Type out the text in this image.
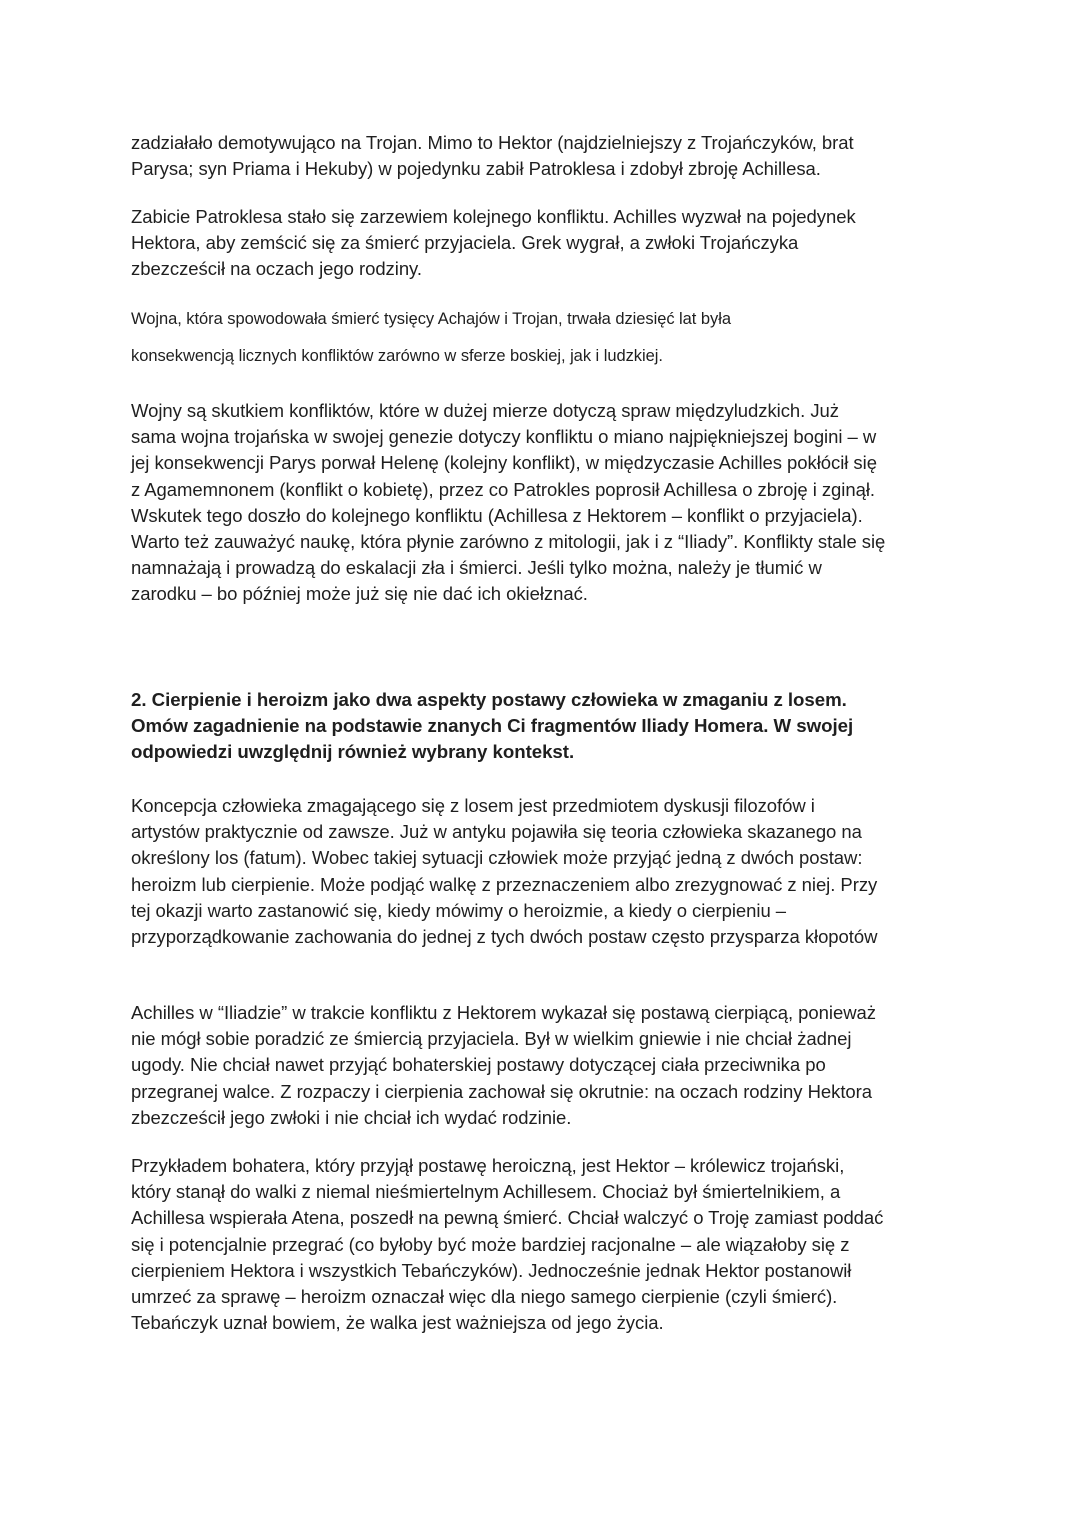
zadziałało demotywująco na Trojan. Mimo to Hektor (najdzielniejszy z Trojańczyków, brat
Parysa; syn Priama i Hekuby) w pojedynku zabił Patroklesa i zdobył zbroję Achillesa.

Zabicie Patroklesa stało się zarzewiem kolejnego konfliktu. Achilles wyzwał na pojedynek
Hektora, aby zemścić się za śmierć przyjaciela. Grek wygrał, a zwłoki Trojańczyka
zbezcześcił na oczach jego rodziny.

Wojna, która spowodowała śmierć tysięcy Achajów i Trojan, trwała dziesięć lat była
konsekwencją licznych konfliktów zarówno w sferze boskiej, jak i ludzkiej.

Wojny są skutkiem konfliktów, które w dużej mierze dotyczą spraw międzyludzkich. Już
sama wojna trojańska w swojej genezie dotyczy konfliktu o miano najpiękniejszej bogini – w
jej konsekwencji Parys porwał Helenę (kolejny konflikt), w międzyczasie Achilles pokłócił się
z Agamemnonem (konflikt o kobietę), przez co Patrokles poprosił Achillesa o zbroję i zginął.
Wskutek tego doszło do kolejnego konfliktu (Achillesa z Hektorem – konflikt o przyjaciela).
Warto też zauważyć naukę, która płynie zarówno z mitologii, jak i z “Iliady”. Konflikty stale się
namnażają i prowadzą do eskalacji zła i śmierci. Jeśli tylko można, należy je tłumić w
zarodku – bo później może już się nie dać ich okiełznać.

2. Cierpienie i heroizm jako dwa aspekty postawy człowieka w zmaganiu z losem.
Omów zagadnienie na podstawie znanych Ci fragmentów Iliady Homera. W swojej
odpowiedzi uwzględnij również wybrany kontekst.

Koncepcja człowieka zmagającego się z losem jest przedmiotem dyskusji filozofów i
artystów praktycznie od zawsze. Już w antyku pojawiła się teoria człowieka skazanego na
określony los (fatum). Wobec takiej sytuacji człowiek może przyjąć jedną z dwóch postaw:
heroizm lub cierpienie. Może podjąć walkę z przeznaczeniem albo zrezygnować z niej. Przy
tej okazji warto zastanowić się, kiedy mówimy o heroizmie, a kiedy o cierpieniu –
przyporządkowanie zachowania do jednej z tych dwóch postaw często przysparza kłopotów

Achilles w “Iliadzie” w trakcie konfliktu z Hektorem wykazał się postawą cierpiącą, ponieważ
nie mógł sobie poradzić ze śmiercią przyjaciela. Był w wielkim gniewie i nie chciał żadnej
ugody. Nie chciał nawet przyjąć bohaterskiej postawy dotyczącej ciała przeciwnika po
przegranej walce. Z rozpaczy i cierpienia zachował się okrutnie: na oczach rodziny Hektora
zbezcześcił jego zwłoki i nie chciał ich wydać rodzinie.

Przykładem bohatera, który przyjął postawę heroiczną, jest Hektor – królewicz trojański,
który stanął do walki z niemal nieśmiertelnym Achillesem. Chociaż był śmiertelnikiem, a
Achillesa wspierała Atena, poszedł na pewną śmierć. Chciał walczyć o Troję zamiast poddać
się i potencjalnie przegrać (co byłoby być może bardziej racjonalne – ale wiązałoby się z
cierpieniem Hektora i wszystkich Tebańczyków). Jednocześnie jednak Hektor postanowił
umrzeć za sprawę – heroizm oznaczał więc dla niego samego cierpienie (czyli śmierć).
Tebańczyk uznał bowiem, że walka jest ważniejsza od jego życia.
